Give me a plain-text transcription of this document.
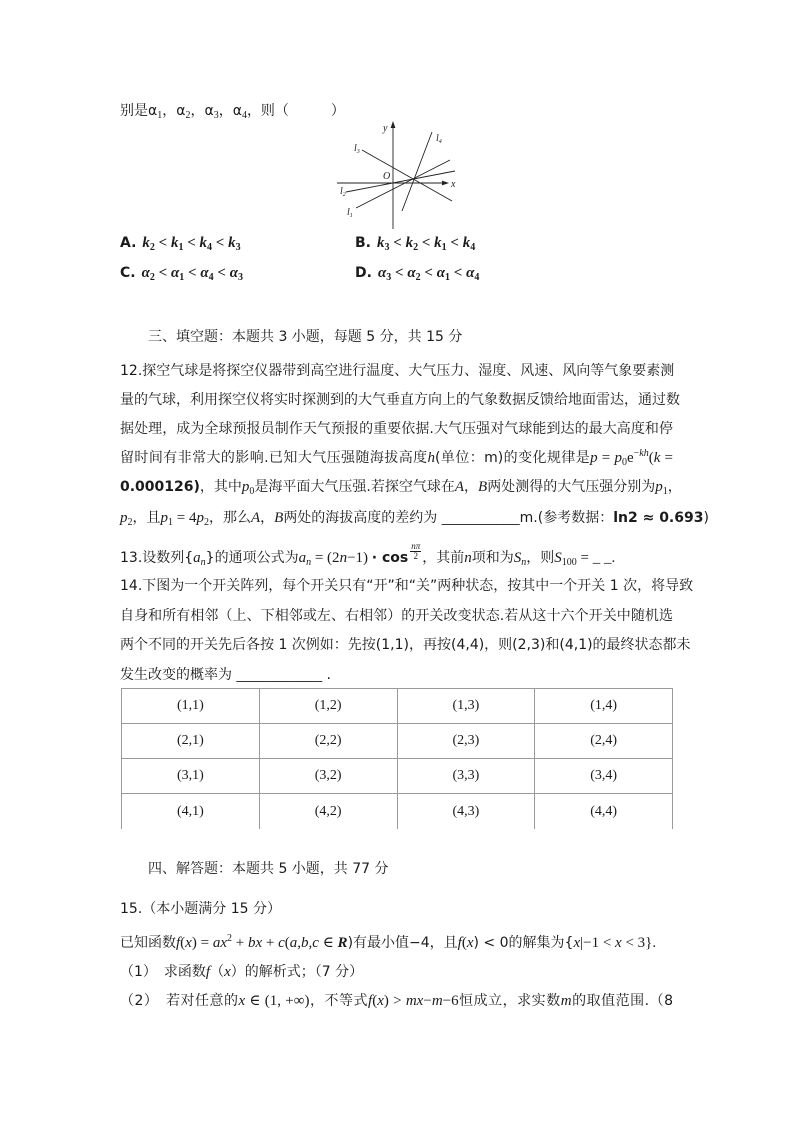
别是$\alpha_1$，$\alpha_2$，$\alpha_3$，$\alpha_4$，则（　　　）
y
x
O
$l_1$
$l_2$
$l_3$
$l_4$
A. $k_2 < k_1 < k_4 < k_3$	B. $k_3 < k_2 < k_1 < k_4$
C. $\alpha_2 < \alpha_1 < \alpha_4 < \alpha_3$	D. $\alpha_3 < \alpha_2 < \alpha_1 < \alpha_4$
三、填空题：本题共 3 小题，每题 5 分，共 15 分
12.探空气球是将探空仪器带到高空进行温度、大气压力、湿度、风速、风向等气象要素测
量的气球，利用探空仪将实时探测到的大气垂直方向上的气象数据反馈给地面雷达，通过数
据处理，成为全球预报员制作天气预报的重要依据.大气压强对气球能到达的最大高度和停
留时间有非常大的影响.已知大气压强随海拔高度h(单位：m)的变化规律是$p = p_0e^{-kh}(k$ =
0.000126)，其中$p_0$是海平面大气压强.若探空气球在A，B两处测得的大气压强分别为$p_1$，
$p_2$，且$p_1 = 4p_2$，那么A，B两处的海拔高度的差约为 __________m.(参考数据：ln2 ≈ 0.693)
13.设数列$\{a_n\}$的通项公式为$a_n = (2n-1) \cdot \cos \frac{n\pi}{2}$ ，其前n项和为$S_n$，则$S_{100}$ = _ _.
14.下图为一个开关阵列，每个开关只有“开”和“关”两种状态，按其中一个开关 1 次，将导致
自身和所有相邻（上、下相邻或左、右相邻）的开关改变状态.若从这十六个开关中随机选
两个不同的开关先后各按 1 次例如：先按(1,1)，再按(4,4)，则(2,3)和(4,1)的最终状态都未
发生改变的概率为 ___________ .
(1,1)	(1,2)	(1,3)	(1,4)
(2,1)	(2,2)	(2,3)	(2,4)
(3,1)	(3,2)	(3,3)	(3,4)
(4,1)	(4,2)	(4,3)	(4,4)
四、解答题：本题共 5 小题，共 77 分
15.（本小题满分 15 分）
已知函数$f(x) = ax^2$ + bx + c(a,b,c ∈ R)有最小值−4，且f(x) < 0的解集为{x|−1 < x < 3}.
（1）　求函数f（x）的解析式；（7 分）
（2）　若对任意的x ∈ (1, +∞)，不等式f(x) > mx−m−6恒成立，求实数m的取值范围.（8
